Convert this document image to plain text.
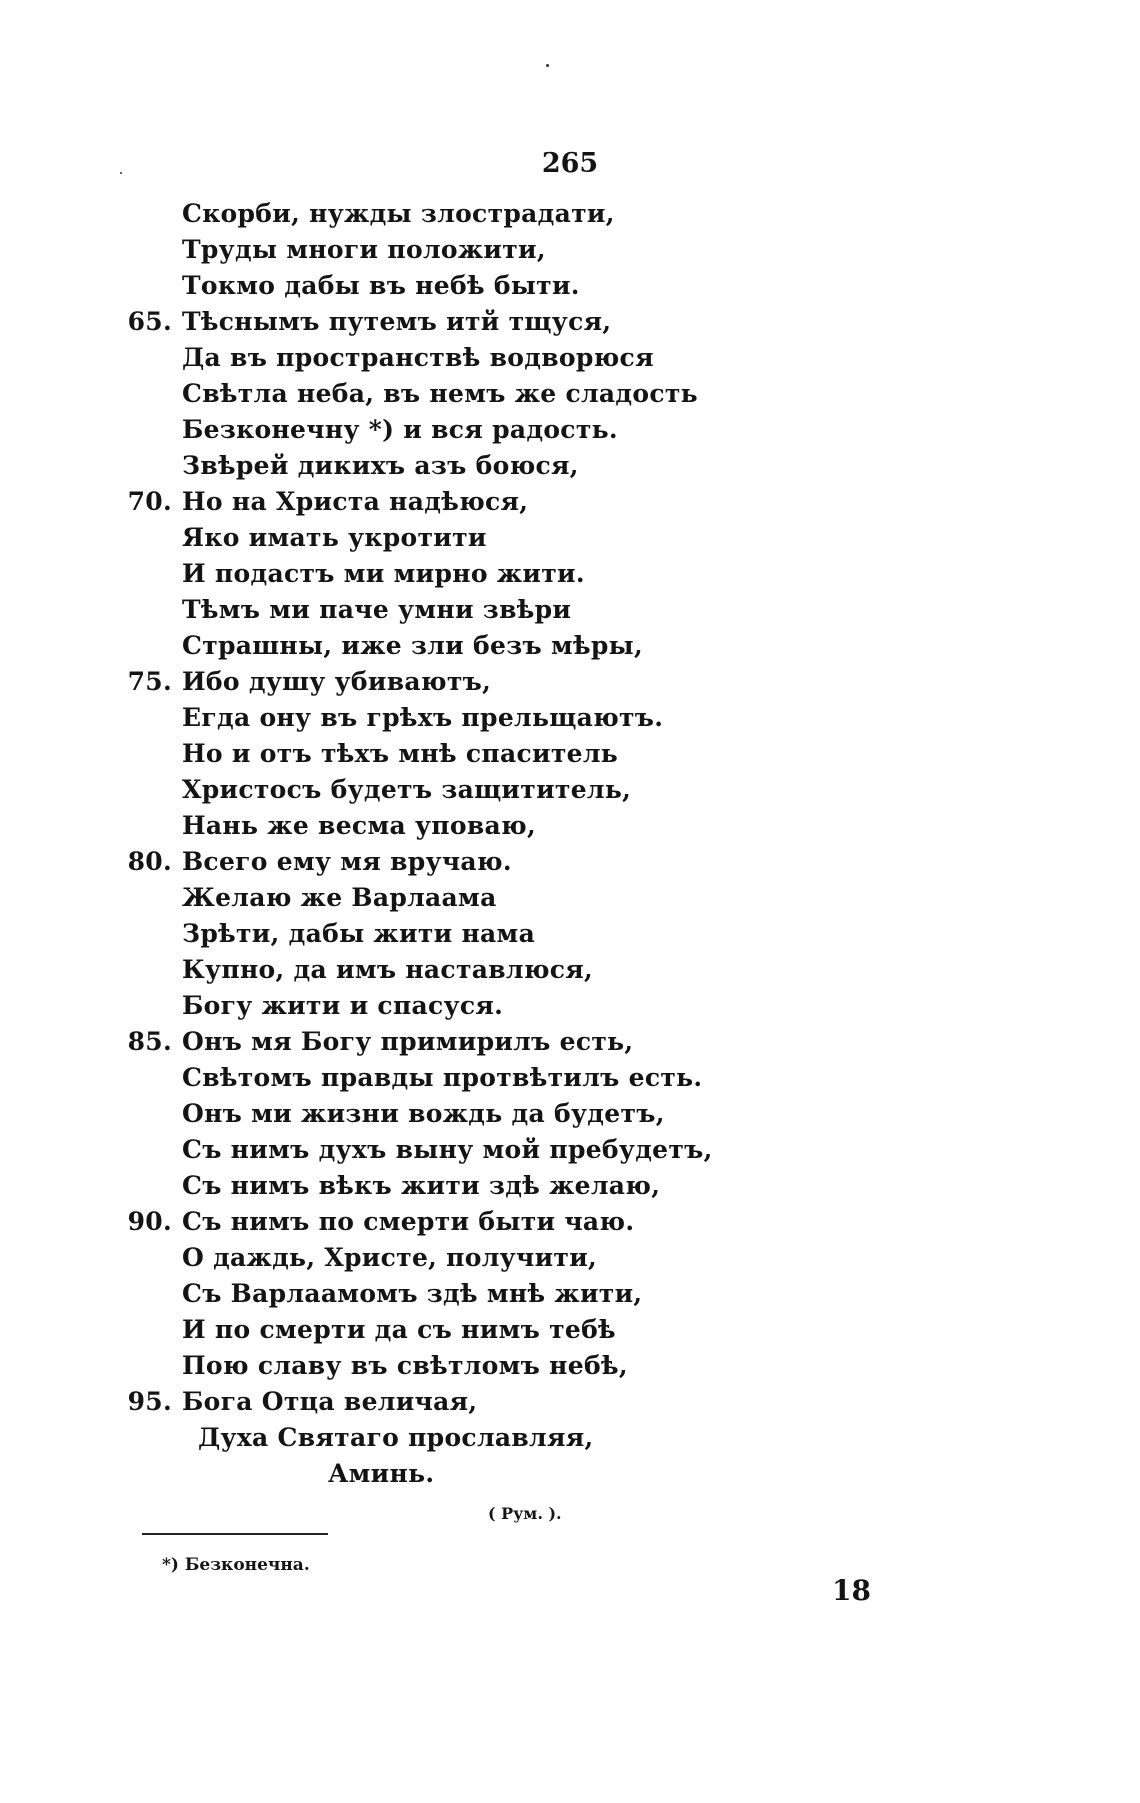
265
Скорби, нужды злострадати,
Труды многи положити,
Токмо дабы въ небѣ быти.
65. Тѣснымъ путемъ итй тщуся,
Да въ пространствѣ водворюся
Свѣтла неба, въ немъ же сладость
Безконечну *) и вся радость.
Звѣрей дикихъ азъ боюся,
70. Но на Христа надѣюся,
Яко имать укротити
И подастъ ми мирно жити.
Тѣмъ ми паче умни звѣри
Страшны, иже зли безъ мѣры,
75. Ибо душу убиваютъ,
Егда ону въ грѣхъ прельщаютъ.
Но и отъ тѣхъ мнѣ спаситель
Христосъ будетъ защититель,
Нань же весма уповаю,
80. Всего ему мя вручаю.
Желаю же Варлаама
Зрѣти, дабы жити нама
Купно, да имъ наставлюся,
Богу жити и спасуся.
85. Онъ мя Богу примирилъ есть,
Свѣтомъ правды протвѣтилъ есть.
Онъ ми жизни вождь да будетъ,
Съ нимъ духъ выну мой пребудетъ,
Съ нимъ вѣкъ жити здѣ желаю,
90. Съ нимъ по смерти быти чаю.
О даждь, Христе, получити,
Съ Варлаамомъ здѣ мнѣ жити,
И по смерти да съ нимъ тебѣ
Пою славу въ свѣтломъ небѣ,
95. Бога Отца величая,
Духа Святаго прославляя,
Аминь.
( Рум. ).
*) Безконечна.
18
